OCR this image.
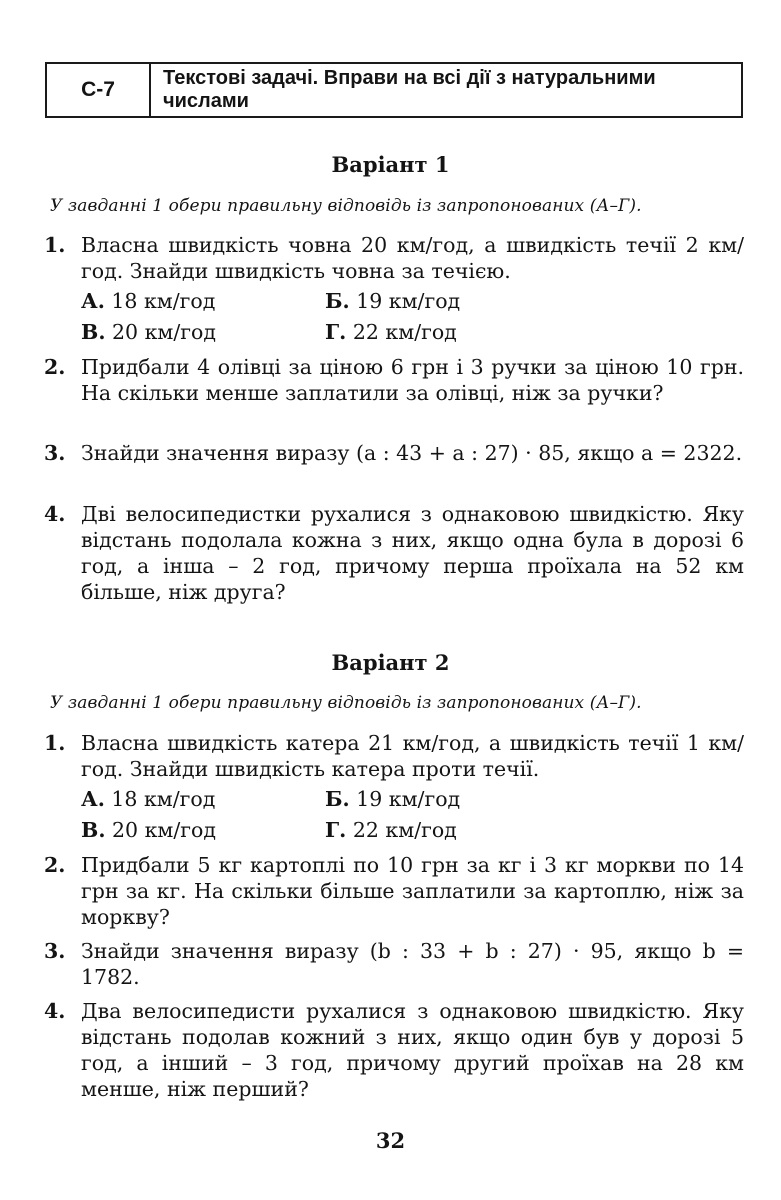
С-7	Текстові задачі. Вправи на всі дії з натуральними числами
Варіант 1
У завданні 1 обери правильну відповідь із запропонованих (А–Г).
1. Власна швидкість човна 20 км/год, а швидкість течії 2 км/год. Знайди швидкість човна за течією.
А. 18 км/год	Б. 19 км/год
В. 20 км/год	Г. 22 км/год
2. Придбали 4 олівці за ціною 6 грн і 3 ручки за ціною 10 грн. На скільки менше заплатили за олівці, ніж за ручки?
3. Знайди значення виразу (a : 43 + a : 27) · 85, якщо a = 2322.
4. Дві велосипедистки рухалися з однаковою швидкістю. Яку відстань подолала кожна з них, якщо одна була в дорозі 6 год, а інша – 2 год, причому перша проїхала на 52 км більше, ніж друга?
Варіант 2
У завданні 1 обери правильну відповідь із запропонованих (А–Г).
1. Власна швидкість катера 21 км/год, а швидкість течії 1 км/год. Знайди швидкість катера проти течії.
А. 18 км/год	Б. 19 км/год
В. 20 км/год	Г. 22 км/год
2. Придбали 5 кг картоплі по 10 грн за кг і 3 кг моркви по 14 грн за кг. На скільки більше заплатили за картоплю, ніж за моркву?
3. Знайди значення виразу (b : 33 + b : 27) · 95, якщо b = 1782.
4. Два велосипедисти рухалися з однаковою швидкістю. Яку відстань подолав кожний з них, якщо один був у дорозі 5 год, а інший – 3 год, причому другий проїхав на 28 км менше, ніж перший?
32
